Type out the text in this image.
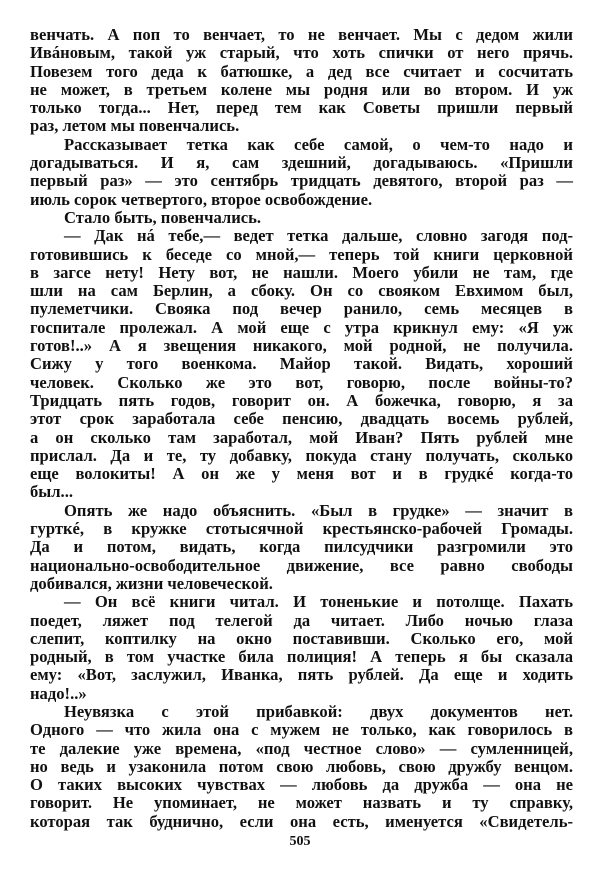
венчать. А поп то венчает, то не венчает. Мы с дедом жили
Ивáновым, такой уж старый, что хоть спички от него прячь.
Повезем того деда к батюшке, а дед все считает и сосчитать
не может, в третьем колене мы родня или во втором. И уж
только тогда... Нет, перед тем как Советы пришли первый
раз, летом мы повенчались.
Рассказывает тетка как себе самой, о чем-то надо и
догадываться. И я, сам здешний, догадываюсь. «Пришли
первый раз» — это сентябрь тридцать девятого, второй раз —
июль сорок четвертого, второе освобождение.
Стало быть, повенчались.
— Дак нá тебе,— ведет тетка дальше, словно загодя под-
готовившись к беседе со мной,— теперь той книги церковной
в загсе нету! Нету вот, не нашли. Моего убили не там, где
шли на сам Берлин, а сбоку. Он со свояком Евхимом был,
пулеметчики. Свояка под вечер ранило, семь месяцев в
госпитале пролежал. А мой еще с утра крикнул ему: «Я уж
готов!..» А я звещения никакого, мой родной, не получила.
Сижу у того военкома. Майор такой. Видать, хороший
человек. Сколько же это вот, говорю, после войны-то?
Тридцать пять годов, говорит он. А божечка, говорю, я за
этот срок заработала себе пенсию, двадцать восемь рублей,
а он сколько там заработал, мой Иван? Пять рублей мне
прислал. Да и те, ту добавку, покуда стану получать, сколько
еще волокиты! А он же у меня вот и в грудкé когда-то
был...
Опять же надо объяснить. «Был в грудке» — значит в
гурткé, в кружке стотысячной крестьянско-рабочей Громады.
Да и потом, видать, когда пилсудчики разгромили это
национально-освободительное движение, все равно свободы
добивался, жизни человеческой.
— Он всё книги читал. И тоненькие и потолще. Пахать
поедет, ляжет под телегой да читает. Либо ночью глаза
слепит, коптилку на окно поставивши. Сколько его, мой
родный, в том участке била полиция! А теперь я бы сказала
ему: «Вот, заслужил, Иванка, пять рублей. Да еще и ходить
надо!..»
Неувязка с этой прибавкой: двух документов нет.
Одного — что жила она с мужем не только, как говорилось в
те далекие уже времена, «под честное слово» — сумленницей,
но ведь и узаконила потом свою любовь, свою дружбу венцом.
О таких высоких чувствах — любовь да дружба — она не
говорит. Не упоминает, не может назвать и ту справку,
которая так буднично, если она есть, именуется «Свидетель-
505
